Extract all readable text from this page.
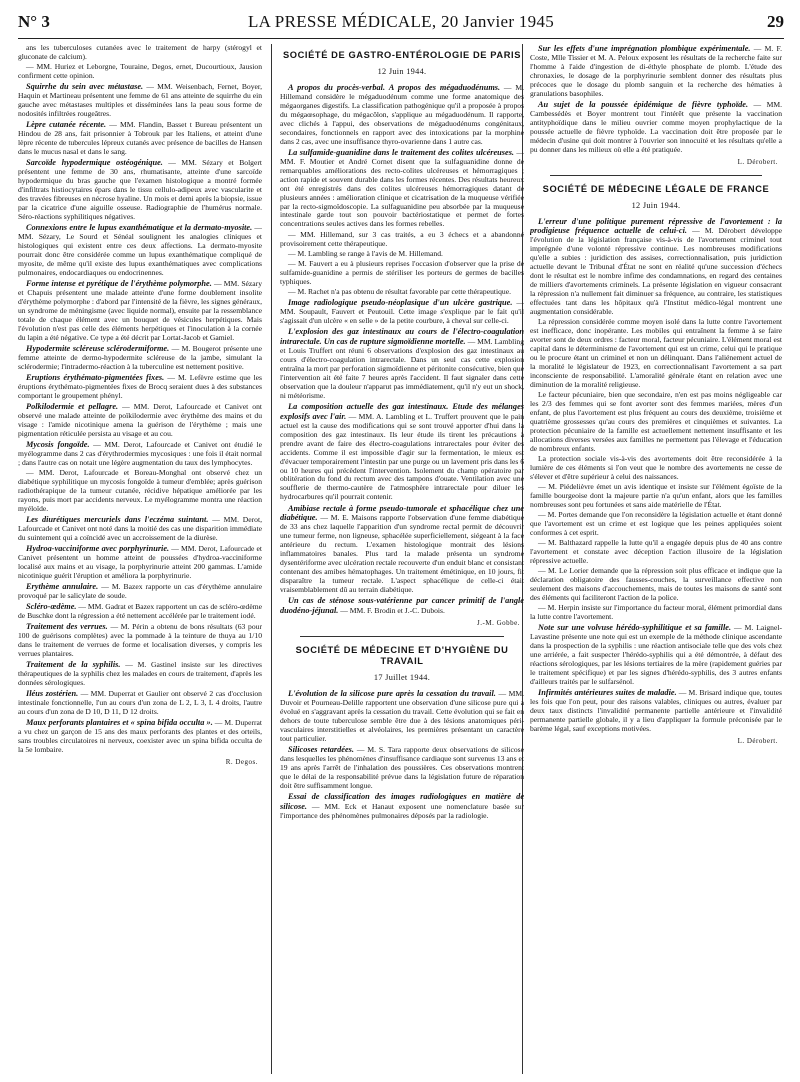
N° 3	LA PRESSE MÉDICALE, 20 Janvier 1945	29

ans les tuberculoses cutanées avec le traitement de harpy (stérogyl et gluconate de calcium).

— MM. Huriez et Leborgne, Touraine, Degos, ernet, Ducourtioux, Jausion confirment cette opinion.

Squirrhe du sein avec métastase. — MM. Weisenbach, Fernet, Boyer, Haquin et Martineau présentent une femme de 61 ans atteinte de squirrhe du ein gauche avec métastases multiples et disséminées lans la peau sous forme de nodosités infiltrées rougeâtres.

Lèpre cutanée récente. — MM. Flandin, Basset t Bureau présentent un Hindou de 28 ans, fait prisonnier à Tobrouk par les Italiens, et atteint d'une lèpre récente de tubercules lépreux cutanés avec présence de bacilles de Hansen dans le mucus nasal et dans le sang.

Sarcoïde hypodermique ostéogénique. — MM. Sézary et Bolgert présentent une femme de 30 ans, rhumatisante, atteinte d'une sarcoïde hypodermique du bras gauche que l'examen histologique a montré formée d'infiltrats histiocytaires épars dans le tissu cellulo-adipeux avec vascularite et des travées fibreuses en nécrose hyaline. Un mois et demi après la biopsie, issue par la cicatrice d'une aiguille osseuse. Radiographie de l'humérus normale. Séro-réactions syphilitiques négatives.

Connexions entre le lupus exanthématique et la dermato-myosite. — MM. Sézary, Le Sourd et Sénéal soulignent les analogies cliniques et histologiques qui existent entre ces deux affections. La dermato-myosite pourrait donc être considérée comme un lupus exanthématique compliqué de myosite, de même qu'il existe des lupus exanthématiques avec complications pulmonaires, endocardiaques ou endocrinennes.

Forme intense et pyrétique de l'érythème polymorphe. — MM. Sézary et Chapuis présentent une malade atteinte d'une forme doublement insolite d'érythème polymorphe : d'abord par l'intensité de la fièvre, les signes généraux, un syndrome de méningisme (avec liquide normal), ensuite par la ressemblance totale de chaque élément avec un bouquet de vésicules herpétiques. Mais l'évolution n'est pas celle des éléments herpétiques et l'inoculation à la cornée du lapin a été négative. Ce type a été décrit par Lortat-Jacob et Gamiel.

Hypodermite scléreuse sclérodermiforme. — M. Bougerot présente une femme atteinte de dermo-hypodermite scléreuse de la jambe, simulant la sclérodermie; l'intradermo-réaction à la tuberculine est nettement positive.

Eruptions érythémato-pigmentées fixes. — M. Lefèvre estime que les éruptions érythémato-pigmentées fixes de Brocq seraient dues à des substances comportant le groupement phényl.

Polkilodermie et pellagre. — MM. Derot, Lafourcade et Canivet ont observé une malade atteinte de poïkilodermie avec érythème des mains et du visage : l'amide nicotinique amena la guérison de l'érythème ; mais une pigmentation réticulée persista au visage et au cou.

Mycosis fongoïde. — MM. Derot, Lafourcade et Canivet ont étudié le myélogramme dans 2 cas d'érythrodermies mycosiques : une fois il était normal ; dans l'autre cas on notait une légère augmentation du taux des lymphocytes.

— MM. Derot, Lafourcade et Boreau-Monghal ont observé chez un diabétique syphilitique un mycosis fongoïde à tumeur d'emblée; après guérison radiothérapique de la tumeur cutanée, récidive hépatique améliorée par les rayons, puis mort par accidents nerveux. Le myélogramme montra une réaction myéloïde.

Les diurétiques mercuriels dans l'eczéma suintant. — MM. Derot, Lafourcade et Canivet ont noté dans la moitié des cas une disparition immédiate du suintement qui a coïncidé avec un accroissement de la diurèse.

Hydroa-vacciniforme avec porphyrinurie. — MM. Derot, Lafourcade et Canivet présentent un homme atteint de poussées d'hydroa-vacciniforme localisé aux mains et au visage, la porphyrinurie atteint 200 gammas. L'amide nicotinique guérit l'éruption et améliora la porphyrinurie.

Erythème annulaire. — M. Bazex rapporte un cas d'érythème annulaire provoqué par le salicylate de soude.

Scléro-œdème. — MM. Gadrat et Bazex rapportent un cas de scléro-œdème de Buschke dont la régression a été nettement accélérée par le traitement iodé.

Traitement des verrues. — M. Périn a obtenu de bons résultats (63 pour 100 de guérisons complètes) avec la pommade à la teinture de thuya au 1/10 dans le traitement de verrues de forme et localisation diverses, y compris les verrues plantaires.

Traitement de la syphilis. — M. Gastinel insiste sur les directives thérapeutiques de la syphilis chez les malades en cours de traitement, d'après les données sérologiques.

Iléus zostérien. — MM. Duperrat et Gaulier ont observé 2 cas d'occlusion intestinale fonctionnelle, l'un au cours d'un zona de L 2, L 3, L 4 droits, l'autre au cours d'un zona de D 10, D 11, D 12 droits.

Maux perforants plantaires et « spina bifida occulta ». — M. Duperrat a vu chez un garçon de 15 ans des maux perforants des plantes et des orteils, sans troubles circulatoires ni nerveux, coexister avec un spina bifida occulta de la 5e lombaire.

R. Degos.
SOCIÉTÉ DE GASTRO-ENTÉROLOGIE DE PARIS
12 Juin 1944.

A propos du procès-verbal. A propos des mégaduodénums. — M. Hillemand considère le mégaduodénum comme une forme anatomique des mégaorganes digestifs. La classification pathogénique qu'il a proposée à propos du mégaœsophage, du mégacôlon, s'applique au mégaduodénum. Il rapporte, avec clichés à l'appui, des observations de mégaduodénums congénitaux, secondaires, fonctionnels en rapport avec des intoxications par la morphine dans 2 cas, avec une insuffisance thyro-ovarienne dans 1 autre cas.

La sulfamide-guanidine dans le traitement des colites ulcéreuses. — MM. F. Moutier et André Cornet disent que la sulfaguanidine donne de remarquables améliorations des recto-colites ulcéreuses et hémorragiques ; action rapide et souvent durable dans les formes récentes. Des résultats heureux ont été enregistrés dans des colites ulcéreuses hémorragiques datant de plusieurs années : amélioration clinique et cicatrisation de la muqueuse vérifiée par la recto-sigmoïdoscopie. La sulfaguanidine peu absorbée par la muqueuse intestinale garde tout son pouvoir bactériostatique et permet de fortes concentrations seules actives dans les formes rebelles.

— MM. Hillemand, sur 3 cas traités, a eu 3 échecs et a abandonné provisoirement cette thérapeutique.

— M. Lambling se range à l'avis de M. Hillemand.

— M. Fauvert a eu à plusieurs reprises l'occasion d'observer que la prise de sulfamide-guanidine a permis de stériliser les porteurs de germes de bacilles typhiques.

— M. Rachet n'a pas obtenu de résultat favorable par cette thérapeutique.

Image radiologique pseudo-néoplasique d'un ulcère gastrique. — MM. Soupault, Fauvert et Peutouil. Cette image s'explique par le fait qu'il s'agissait d'un ulcère « en selle » de la petite courbure, à cheval sur celle-ci.

L'explosion des gaz intestinaux au cours de l'électro-coagulation intrarectale. Un cas de rupture sigmoïdienne mortelle. — MM. Lambling et Louis Truffert ont réuni 6 observations d'explosion des gaz intestinaux au cours d'électro-coagulation intrarectale. Dans un seul cas cette explosion entraîna la mort par perforation sigmoïdienne et péritonite consécutive, bien que l'intervention ait été faite 7 heures après l'accident. Il faut signaler dans cette observation que la douleur n'apparut pas immédiatement, qu'il n'y eut un shock, ni météorisme.

La composition actuelle des gaz intestinaux. Etude des mélanges explosifs avec l'air. — MM. A. Lambling et L. Truffert prouvent que le pain actuel est la cause des modifications qui se sont trouvé apporter d'hui dans la composition des gaz intestinaux. Ils leur étude ils tirent les précautions à prendre avant de faire des électro-coagulations intrarectales pour éviter des accidents. Comme il est impossible d'agir sur la fermentation, le mieux est d'évacuer temporairement l'intestin par une purge ou un lavement pris dans les 6 ou 10 heures qui précèdent l'intervention. Isolement du champ opératoire par oblitération du fond du rectum avec des tampons d'ouate. Ventilation avec une soufflerie de thermo-cautère de l'atmosphère intrarectale pour diluer les hydrocarbures qu'il pourrait contenir.

Amibiase rectale à forme pseudo-tumorale et sphacélique chez une diabétique. — M. E. Maisons rapporte l'observation d'une femme diabétique de 33 ans chez laquelle l'apparition d'un syndrome rectal permit de découvrir une tumeur ferme, non ligneuse, sphacélée superficiellement, siégeant à la face antérieure du rectum. L'examen histologique montrait des lésions inflammatoires banales. Plus tard la malade présenta un syndrome dysentériforme avec ulcération rectale recouverte d'un enduit blanc et consistant contenant des amibes hématophages. Un traitement émétinique, en 10 jours, fit disparaître la tumeur rectale. L'aspect sphacélique de celle-ci était vraisemblablement dû au terrain diabétique.

Un cas de sténose sous-vatérienne par cancer primitif de l'angle duodéno-jéjunal. — MM. F. Brodin et J.-C. Dubois.

J.-M. Gobbe.
SOCIÉTÉ DE MÉDECINE ET D'HYGIÈNE DU TRAVAIL
17 Juillet 1944.

L'évolution de la silicose pure après la cessation du travail. — MM. Duvoir et Pourneau-Delille rapportent une observation d'une silicose pure qui a évolué en s'aggravant après la cessation du travail. Cette évolution qui se fait en dehors de toute tuberculose semble être due à des lésions anatomiques péri-vasculaires interstitielles et alvéolaires, les premières présentant un caractère tout particulier.

Silicoses retardées. — M. S. Tara rapporte deux observations de silicose dans lesquelles les phénomènes d'insuffisance cardiaque sont survenus 13 ans et 19 ans après l'arrêt de l'inhalation des poussières. Ces observations montrent que le délai de la responsabilité prévue dans la législation future de réparation doit être suffisamment longue.

Essai de classification des images radiologiques en matière de silicose. — MM. Eck et Hanaut exposent une nomenclature basée sur l'importance des phénomènes pulmonaires déposés par la radiologie.

Sur les effets d'une imprégnation plombique expérimentale. — M. F. Coste, Mlle Tissier et M. A. Peloux exposent les résultats de la recherche faite sur l'homme à l'aide d'ingestion de di-éthyle phosphate de plomb. L'étude des chronaxies, le dosage de la porphyrinurie semblent donner des résultats plus précoces que le dosage du plomb sanguin et la recherche des hématies à granulations basophiles.

Au sujet de la poussée épidémique de fièvre typhoïde. — MM. Cambessédès et Boyer montrent tout l'intérêt que présente la vaccination antityphoïdique dans le milieu ouvrier comme moyen prophylactique de la poussée actuelle de fièvre typhoïde. La vaccination doit être proposée par le médecin d'usine qui doit montrer à l'ouvrier son innocuité et les résultats qu'elle a pu donner dans les milieux où elle a été pratiquée.

L. Dérobert.
SOCIÉTÉ DE MÉDECINE LÉGALE DE FRANCE
12 Juin 1944.

L'erreur d'une politique purement répressive de l'avortement : la prodigieuse fréquence actuelle de celui-ci. — M. Dérobert développe l'évolution de la législation française vis-à-vis de l'avortement criminel tout imprégnée d'une volonté répressive continue. Les nombreuses modifications qu'elle a subies : juridiction des assises, correctionnalisation, puis juridiction actuelle devant le Tribunal d'État ne sont en réalité qu'une succession d'échecs dont le résultat est le nombre infime des condamnations, en regard des centaines de milliers d'avortements criminels. La présente législation en vigueur consacrant la répression n'a nullement fait diminuer sa fréquence, au contraire, les statistiques effectuées tant dans les hôpitaux qu'à l'Institut médico-légal montrent une augmentation considérable.

La répression considérée comme moyen isolé dans la lutte contre l'avortement est inefficace, donc inopérante. Les mobiles qui entraînent la femme à se faire avorter sont de deux ordres : facteur moral, facteur pécuniaire. L'élément moral est capital dans le déterminisme de l'avortement qui est un crime, celui qui le pratique ou le procure étant un criminel et non un délinquant. Dans l'aliénement actuel de la moralité le législateur de 1923, en correctionnalisant l'avortement a sa part inconsciente de responsabilité. L'amoralité générale étant en relation avec une diminution de la moralité religieuse.

Le facteur pécuniaire, bien que secondaire, n'en est pas moins négligeable car les 2/3 des femmes qui se font avorter sont des femmes mariées, mères d'un enfant, de plus l'avortement est plus fréquent au cours des deuxième, troisième et quatrième grossesses qu'au cours des premières et cinquièmes et suivantes. La protection pécuniaire de la famille est actuellement nettement insuffisante et les allocations diverses versées aux familles ne permettent pas l'élevage et l'éducation de nombreux enfants.

La protection sociale vis-à-vis des avortements doit être reconsidérée à la lumière de ces éléments si l'on veut que le nombre des avortements ne cesse de s'élever et d'être supérieur à celui des naissances.

— M. Piédelièvre émet un avis identique et insiste sur l'élément égoïste de la famille bourgeoise dont la majeure partie n'a qu'un enfant, alors que les familles nombreuses sont peu fortunées et sans aide matérielle de l'État.

— M. Portes demande que l'on reconsidère la législation actuelle et étant donné que l'avortement est un crime et est logique que les peines appliquées soient conformes à cet esprit.

— M. Balthazard rappelle la lutte qu'il a engagée depuis plus de 40 ans contre l'avortement et constate avec déception l'action illusoire de la législation répressive actuelle.

— M. Le Lorier demande que la répression soit plus efficace et indique que la déclaration obligatoire des fausses-couches, la surveillance effective non seulement des maisons d'accouchements, mais de toutes les maisons de santé sont des éléments qui faciliteront l'action de la police.

— M. Herpin insiste sur l'importance du facteur moral, élément primordial dans la lutte contre l'avortement.

Note sur une volvuse hérédo-syphilitique et sa famille. — M. Laignel-Lavastine présente une note qui est un exemple de la méthode clinique ascendante dans la prospection de la syphilis : une réaction antisociale telle que des vols chez une arriérée, a fait suspecter l'hérédo-syphilis qui a été démontrée, à défaut des réactions sérologiques, par les lésions tertiaires de la mère (rapidement guéries par le traitement spécifique) et par les signes d'hérédo-syphilis, des 3 autres enfants d'ailleurs traités par le sulfarsénol.

Infirmités antérieures suites de maladie. — M. Brisard indique que, toutes les fois que l'on peut, pour des raisons valables, cliniques ou autres, évaluer par deux taux distincts l'invalidité permanente partielle antérieure et l'invalidité permanente partielle globale, il y a lieu d'appliquer la formule préconisée par le barème légal, sauf exceptions motivées.

L. Dérobert.
